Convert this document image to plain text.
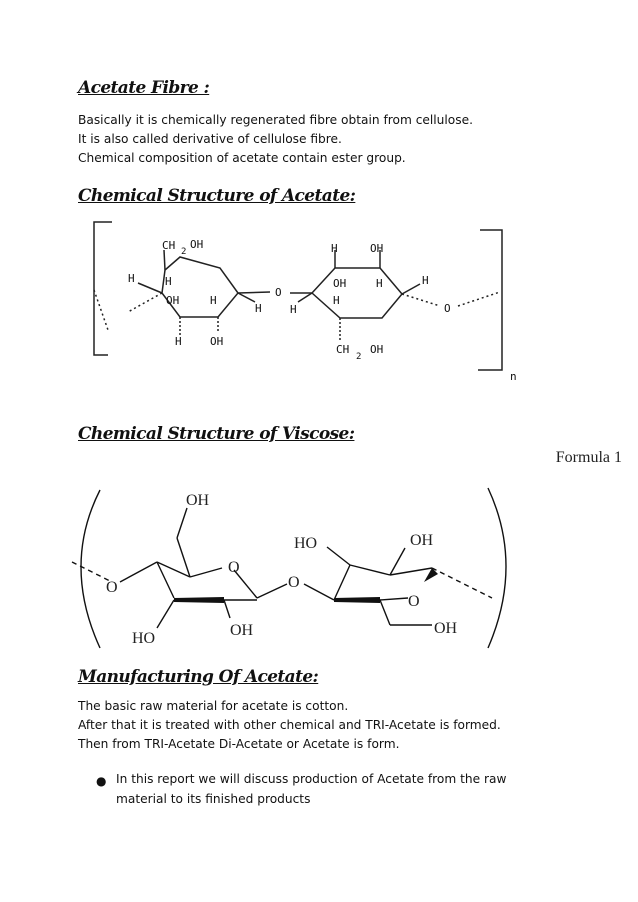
Acetate Fibre :

Basically it is chemically regenerated fibre obtain from cellulose.

It is also called derivative of cellulose fibre.

Chemical composition of acetate contain ester group.

Chemical Structure of Acetate:
CH 2
OH
H	H
OH	H
H
H	OH
O
H
H	OH
OH	H
H
H
O
CH
2
OH
n
Chemical Structure of Viscose:
Formula 1
OH
O
O
HO	OH
O
O
HO	OH	OH
Manufacturing Of Acetate:

The basic raw material for acetate is cotton.

After that it is treated with other chemical and TRI-Acetate is formed.

Then from TRI-Acetate Di-Acetate or Acetate is form.

● In this report we will discuss production of Acetate from the raw material to its finished products
